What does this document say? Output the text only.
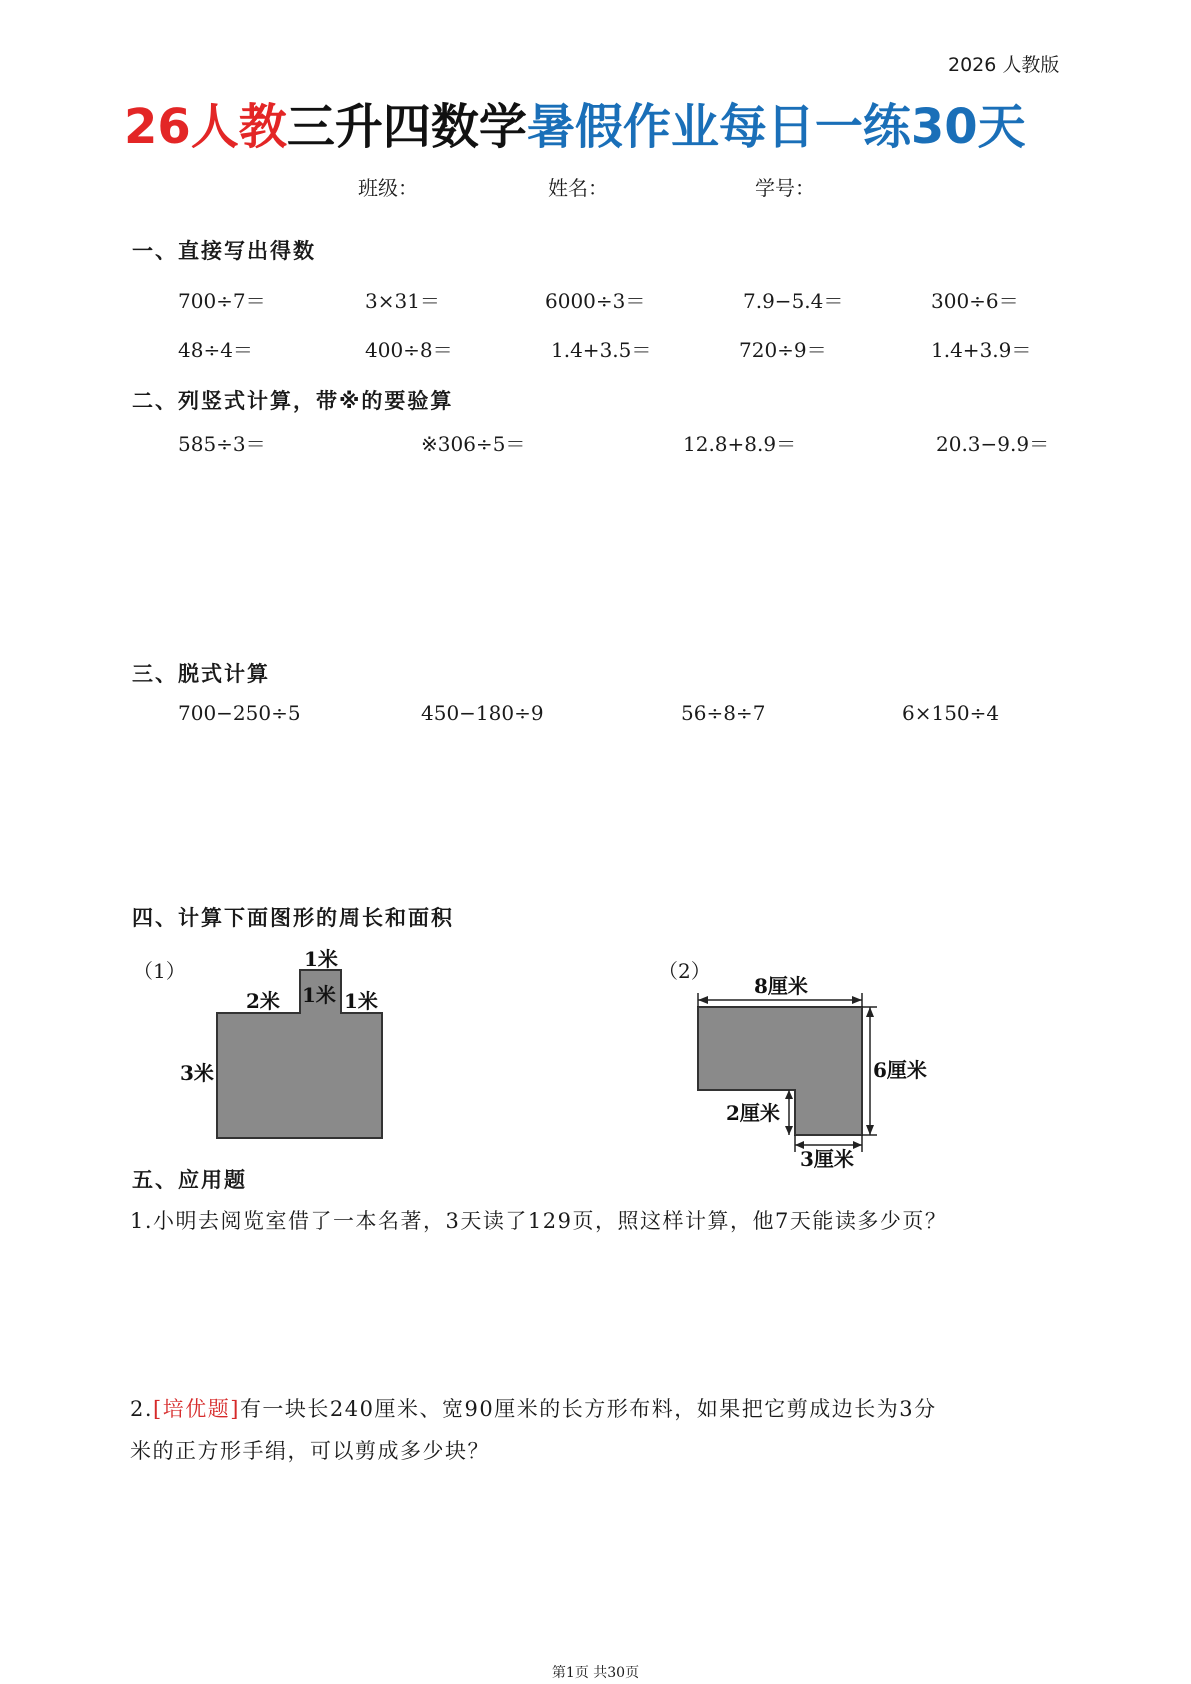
2026 人教版
26人教三升四数学暑假作业每日一练30天
班级：	姓名：	学号：
一、直接写出得数
700÷7＝	3×31＝	6000÷3＝	7.9−5.4＝	300÷6＝
48÷4＝	400÷8＝	1.4+3.5＝	720÷9＝	1.4+3.9＝
二、列竖式计算，带※的要验算
585÷3＝	※306÷5＝	12.8+8.9＝	20.3−9.9＝
三、脱式计算
700−250÷5	450−180÷9	56÷8÷7	6×150÷4
四、计算下面图形的周长和面积
（1）	（2）
1米
1米
2米	1米
3米
8厘米
6厘米
2厘米
3厘米
五、应用题
1.小明去阅览室借了一本名著，3天读了129页，照这样计算，他7天能读多少页？
2.[培优题]有一块长240厘米、宽90厘米的长方形布料，如果把它剪成边长为3分
米的正方形手绢，可以剪成多少块？
第1页 共30页
